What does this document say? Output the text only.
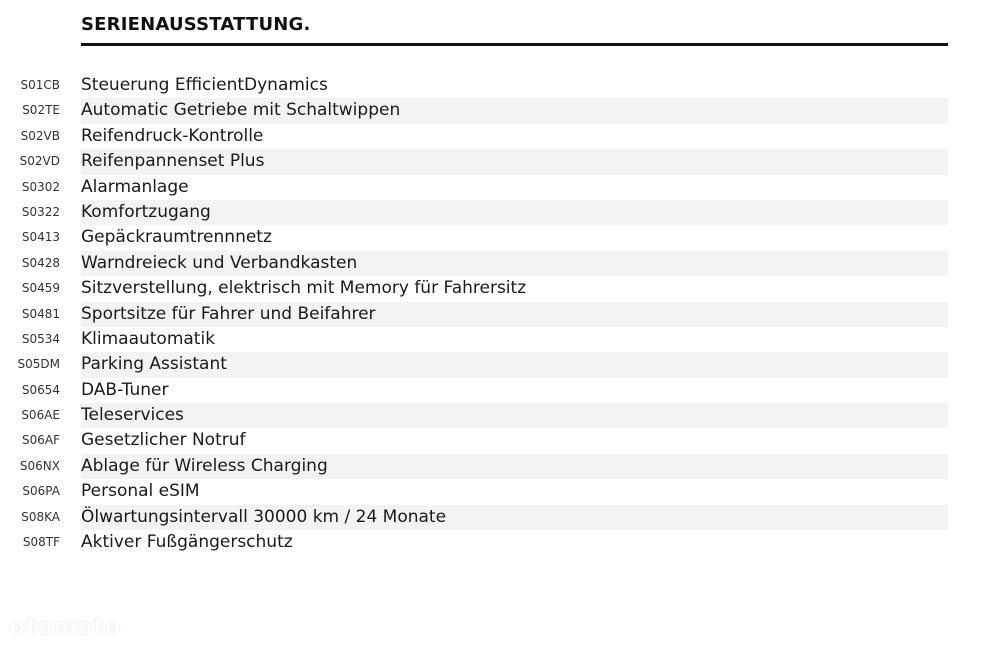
SERIENAUSSTATTUNG.
S01CB Steuerung EfficientDynamics
S02TE Automatic Getriebe mit Schaltwippen
S02VB Reifendruck-Kontrolle
S02VD Reifenpannenset Plus
S0302 Alarmanlage
S0322 Komfortzugang
S0413 Gepäckraumtrennnetz
S0428 Warndreieck und Verbandkasten
S0459 Sitzverstellung, elektrisch mit Memory für Fahrersitz
S0481 Sportsitze für Fahrer und Beifahrer
S0534 Klimaautomatik
S05DM Parking Assistant
S0654 DAB-Tuner
S06AE Teleservices
S06AF Gesetzlicher Notruf
S06NX Ablage für Wireless Charging
S06PA Personal eSIM
S08KA Ölwartungsintervall 30000 km / 24 Monate
S08TF Aktiver Fußgängerschutz
otomoto
